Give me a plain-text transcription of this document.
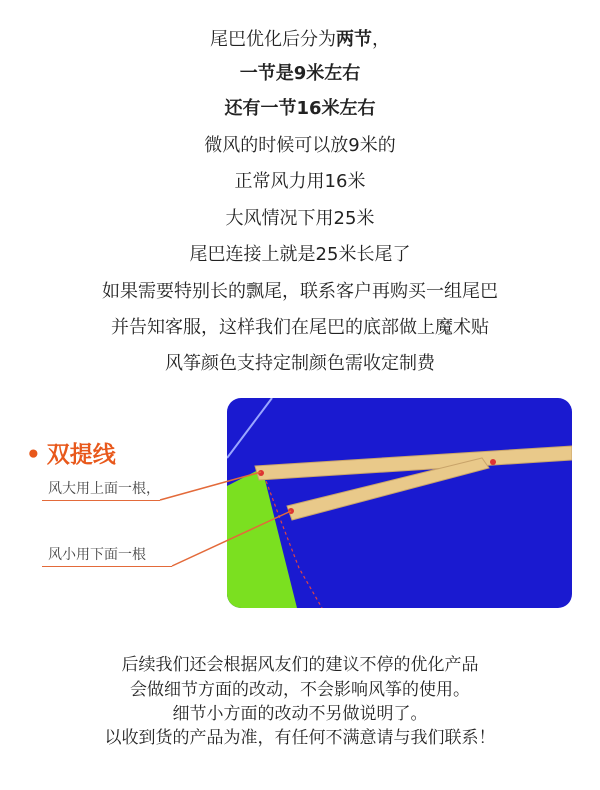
尾巴优化后分为两节，
一节是9米左右
还有一节16米左右
微风的时候可以放9米的
正常风力用16米
大风情况下用25米
尾巴连接上就是25米长尾了
如果需要特别长的飘尾，联系客户再购买一组尾巴
并告知客服，这样我们在尾巴的底部做上魔术贴
风筝颜色支持定制颜色需收定制费
• 双提线
风大用上面一根，
风小用下面一根
后续我们还会根据风友们的建议不停的优化产品
会做细节方面的改动，不会影响风筝的使用。
细节小方面的改动不另做说明了。
以收到货的产品为准，有任何不满意请与我们联系！
